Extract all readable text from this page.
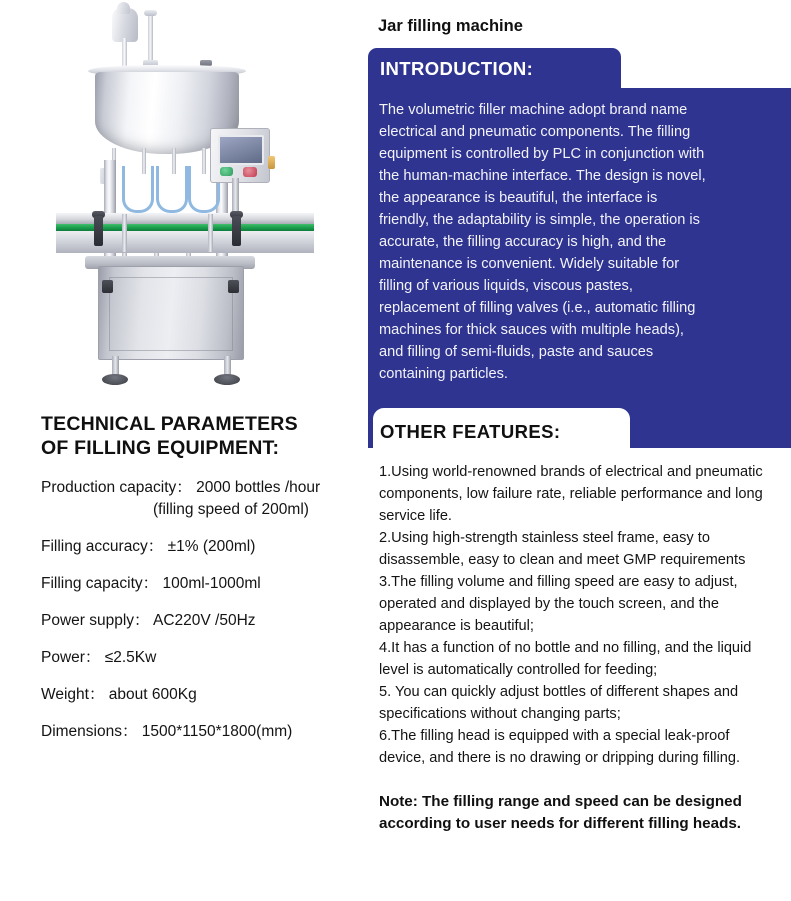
TECHNICAL PARAMETERS
OF FILLING EQUIPMENT:
Production capacity： 2000 bottles /hour
(filling speed of 200ml)
Filling accuracy： ±1% (200ml)
Filling capacity： 100ml-1000ml
Power supply： AC220V /50Hz
Power： ≤2.5Kw
Weight： about 600Kg
Dimensions： 1500*1150*1800(mm)
Jar filling machine
INTRODUCTION:
The volumetric filler machine adopt brand name electrical and pneumatic components. The filling equipment is controlled by PLC in conjunction with the human-machine interface. The design is novel, the appearance is beautiful, the interface is friendly, the adaptability is simple, the operation is accurate, the filling accuracy is high, and the maintenance is convenient. Widely suitable for filling of various liquids, viscous pastes, replacement of filling valves (i.e., automatic filling machines for thick sauces with multiple heads), and filling of semi-fluids, paste and sauces containing particles.
OTHER FEATURES:
1.Using world-renowned brands of electrical and pneumatic components, low failure rate, reliable performance and long service life.
2.Using high-strength stainless steel frame, easy to disassemble, easy to clean and meet GMP requirements
3.The filling volume and filling speed are easy to adjust, operated and displayed by the touch screen, and the appearance is beautiful;
4.It has a function of no bottle and no filling, and the liquid level is automatically controlled for feeding;
5. You can quickly adjust bottles of different shapes and specifications without changing parts;
6.The filling head is equipped with a special leak-proof device, and there is no drawing or dripping during filling.
Note: The filling range and speed can be designed according to user needs for different filling heads.
